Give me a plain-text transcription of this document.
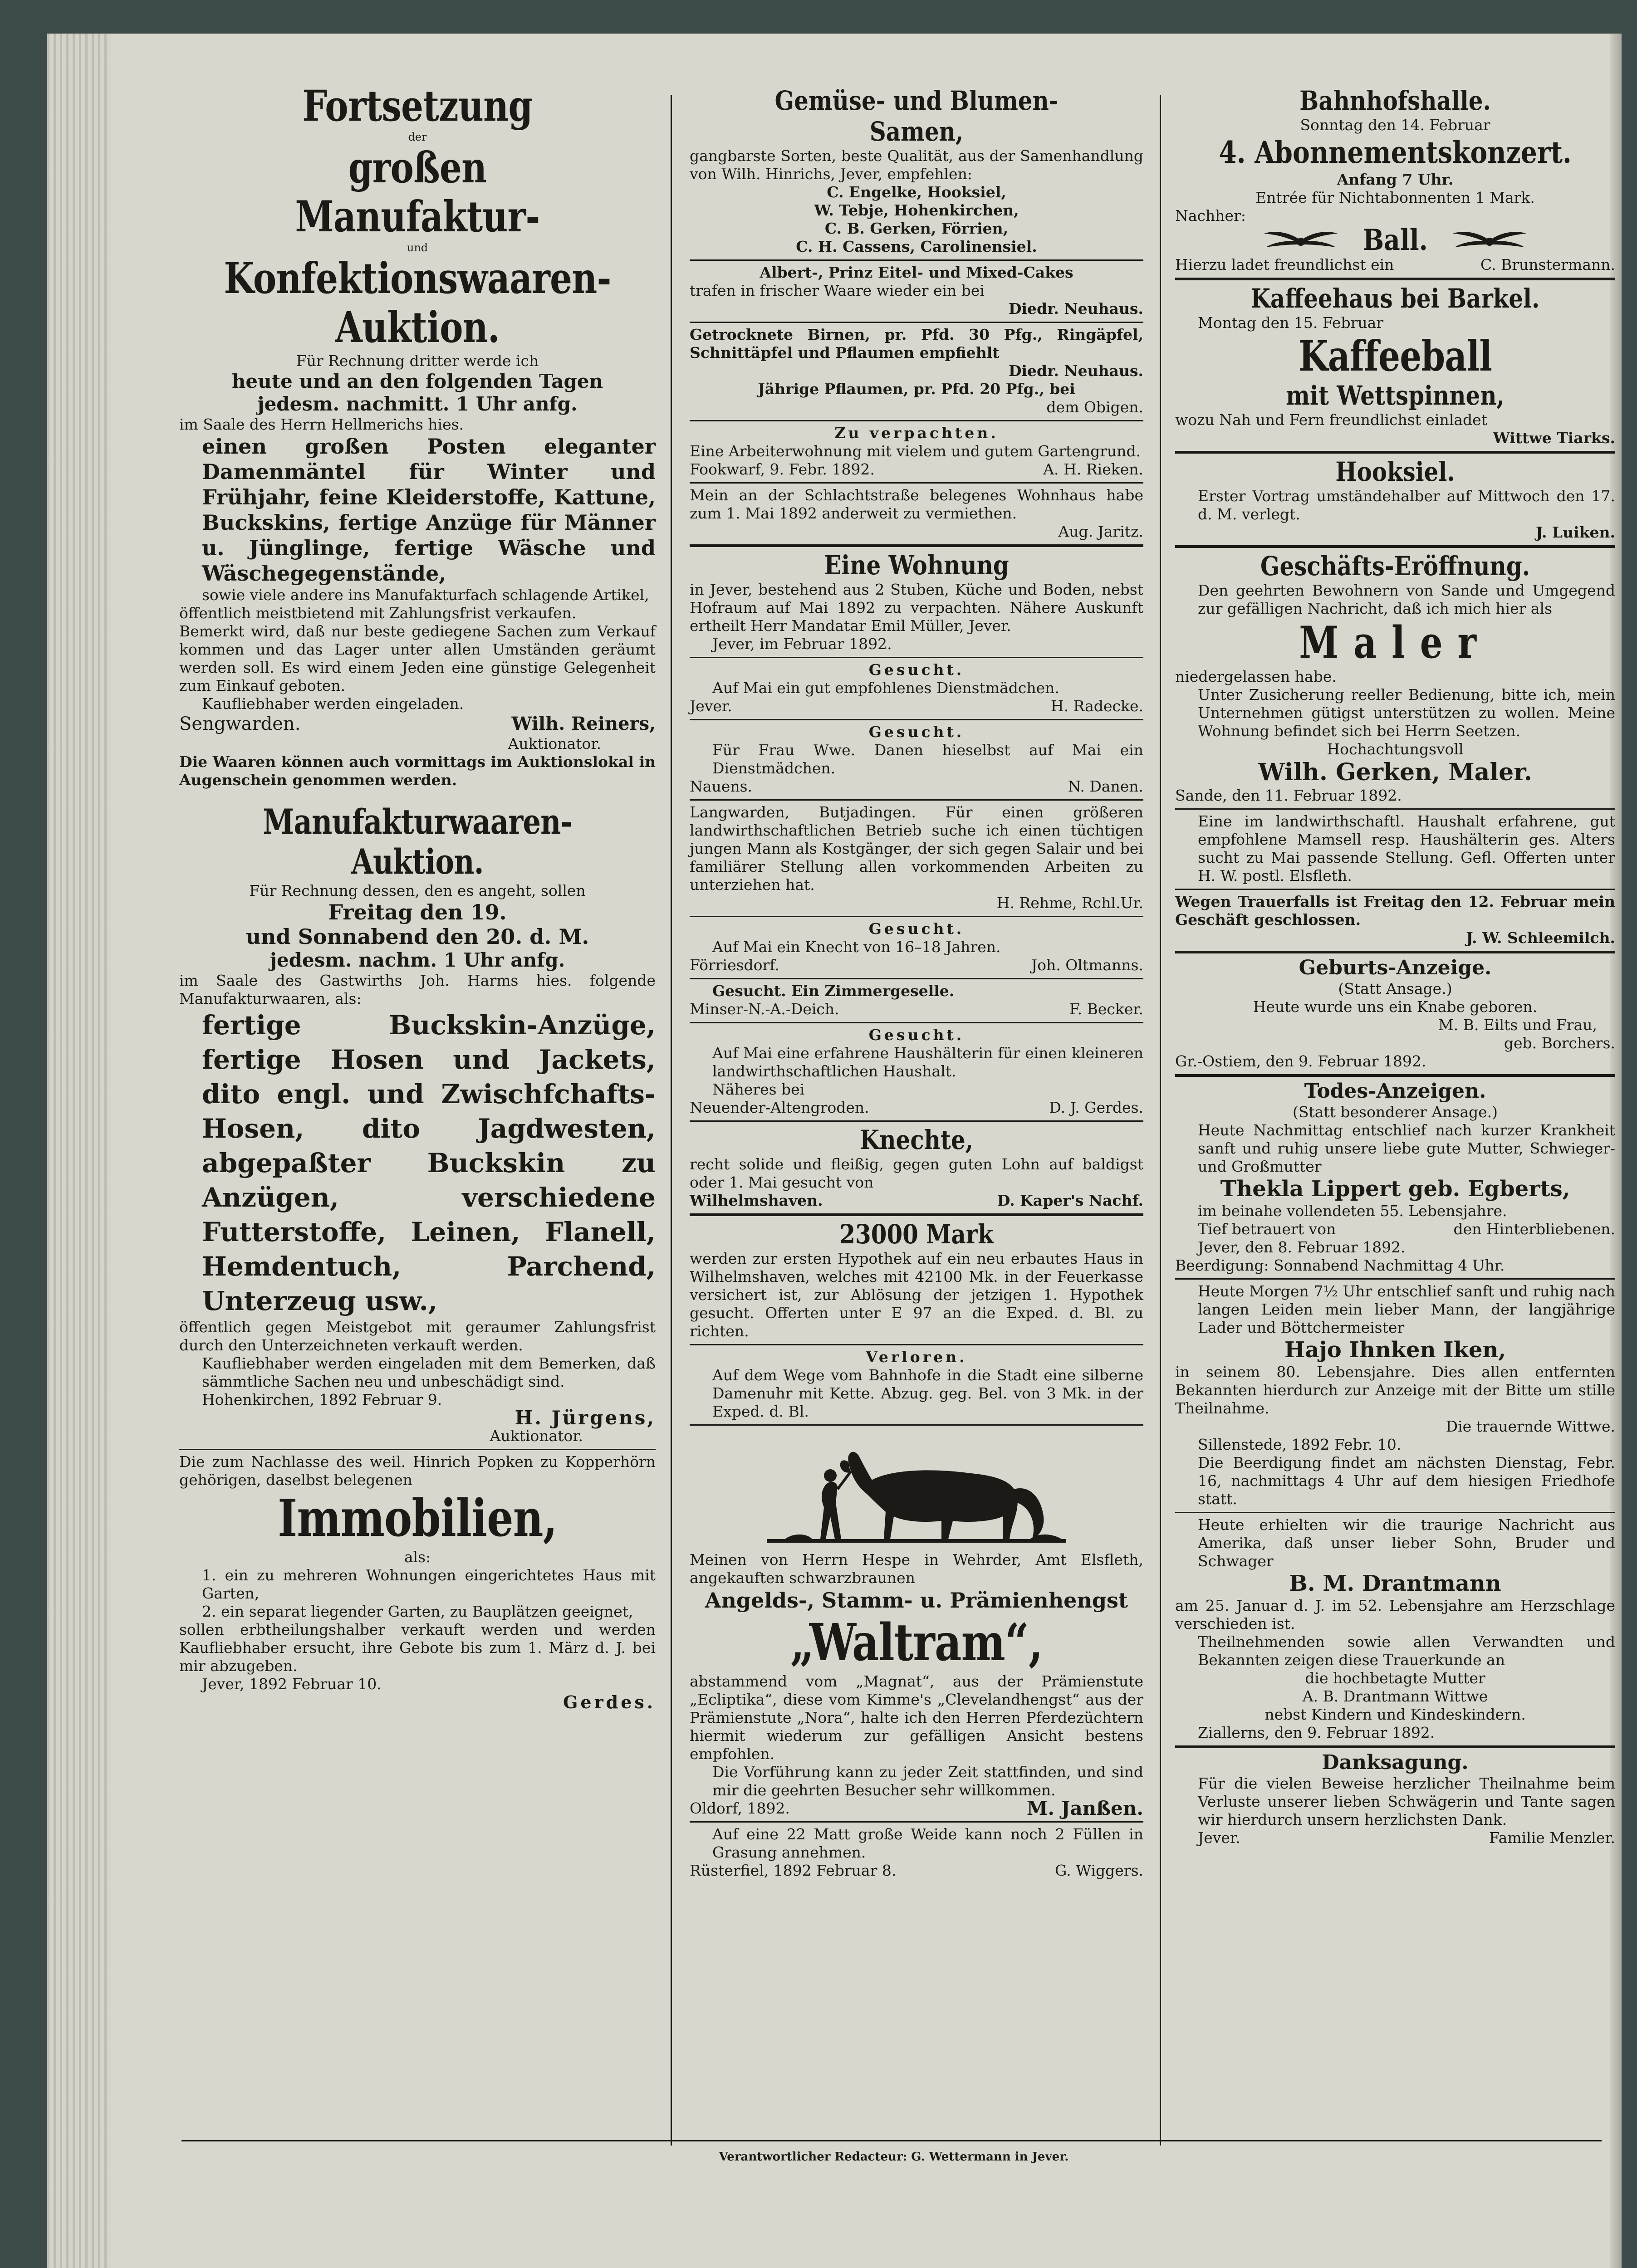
Fortsetzung
der
großen Manufaktur-
und
Konfektionswaaren-
Auktion.

Für Rechnung dritter werde ich

heute und an den folgenden Tagen

jedesm. nachmitt. 1 Uhr anfg.

im Saale des Herrn Hellmerichs hies.

einen großen Posten eleganter Damenmäntel für Winter und Frühjahr, feine Kleiderstoffe, Kattune, Buckskins, fertige Anzüge für Männer u. Jünglinge, fertige Wäsche und Wäschegegenstände,

sowie viele andere ins Manufakturfach schlagende Artikel,

öffentlich meistbietend mit Zahlungsfrist verkaufen.

Bemerkt wird, daß nur beste gediegene Sachen zum Verkauf kommen und das Lager unter allen Umständen geräumt werden soll. Es wird einem Jeden eine günstige Gelegenheit zum Einkauf geboten.

Kaufliebhaber werden eingeladen.

Sengwarden.	Wilh. Reiners,

Auktionator.

Die Waaren können auch vormittags im Auktionslokal in Augenschein genommen werden.

Manufakturwaaren-
Auktion.

Für Rechnung dessen, den es angeht, sollen

Freitag den 19.

und Sonnabend den 20. d. M.

jedesm. nachm. 1 Uhr anfg.

im Saale des Gastwirths Joh. Harms hies. folgende Manufakturwaaren, als:

fertige Buckskin-Anzüge, fertige Hosen und Jackets, dito engl. und Zwischfchafts-Hosen, dito Jagdwesten, abgepaßter Buckskin zu Anzügen, verschiedene Futterstoffe, Leinen, Flanell, Hemdentuch, Parchend, Unterzeug usw.,

öffentlich gegen Meistgebot mit geraumer Zahlungsfrist durch den Unterzeichneten verkauft werden.

Kaufliebhaber werden eingeladen mit dem Bemerken, daß sämmtliche Sachen neu und unbeschädigt sind.

Hohenkirchen, 1892 Februar 9.

H. Jürgens,

Auktionator.

Die zum Nachlasse des weil. Hinrich Popken zu Kopperhörn gehörigen, daselbst belegenen

Immobilien,

als:

1. ein zu mehreren Wohnungen eingerichtetes Haus mit Garten,

2. ein separat liegender Garten, zu Bauplätzen geeignet,

sollen erbtheilungshalber verkauft werden und werden Kaufliebhaber ersucht, ihre Gebote bis zum 1. März d. J. bei mir abzugeben.

Jever, 1892 Februar 10.

Gerdes.

Gemüse- und Blumen-
Samen,

gangbarste Sorten, beste Qualität, aus der Samenhandlung von Wilh. Hinrichs, Jever, empfehlen:

C. Engelke, Hooksiel,

W. Tebje, Hohenkirchen,

C. B. Gerken, Förrien,

C. H. Cassens, Carolinensiel.

Albert-, Prinz Eitel- und Mixed-Cakes

trafen in frischer Waare wieder ein bei

Diedr. Neuhaus.

Getrocknete Birnen, pr. Pfd. 30 Pfg., Ringäpfel, Schnittäpfel und Pflaumen empfiehlt

Diedr. Neuhaus.

Jährige Pflaumen, pr. Pfd. 20 Pfg., bei

dem Obigen.

Zu verpachten.

Eine Arbeiterwohnung mit vielem und gutem Gartengrund.

Fookwarf, 9. Febr. 1892.	A. H. Rieken.

Mein an der Schlachtstraße belegenes Wohnhaus habe zum 1. Mai 1892 anderweit zu vermiethen.

Aug. Jaritz.

Eine Wohnung

in Jever, bestehend aus 2 Stuben, Küche und Boden, nebst Hofraum auf Mai 1892 zu verpachten. Nähere Auskunft ertheilt Herr Mandatar Emil Müller, Jever.

Jever, im Februar 1892.

Gesucht.

Auf Mai ein gut empfohlenes Dienstmädchen.

Jever.	H. Radecke.

Gesucht.

Für Frau Wwe. Danen hieselbst auf Mai ein Dienstmädchen.

Nauens.	N. Danen.

Langwarden, Butjadingen. Für einen größeren landwirthschaftlichen Betrieb suche ich einen tüchtigen jungen Mann als Kostgänger, der sich gegen Salair und bei familiärer Stellung allen vorkommenden Arbeiten zu unterziehen hat.

H. Rehme, Rchl.Ur.

Gesucht.

Auf Mai ein Knecht von 16–18 Jahren.

Förriesdorf.	Joh. Oltmanns.

Gesucht. Ein Zimmergeselle.

Minser-N.-A.-Deich.	F. Becker.

Gesucht.

Auf Mai eine erfahrene Haushälterin für einen kleineren landwirthschaftlichen Haushalt.

Näheres bei

Neuender-Altengroden.	D. J. Gerdes.
Knechte,

recht solide und fleißig, gegen guten Lohn auf baldigst oder 1. Mai gesucht von

Wilhelmshaven.	D. Kaper's Nachf.
23000 Mark

werden zur ersten Hypothek auf ein neu erbautes Haus in Wilhelmshaven, welches mit 42100 Mk. in der Feuerkasse versichert ist, zur Ablösung der jetzigen 1. Hypothek gesucht. Offerten unter E 97 an die Exped. d. Bl. zu richten.

Verloren.

Auf dem Wege vom Bahnhofe in die Stadt eine silberne Damenuhr mit Kette. Abzug. geg. Bel. von 3 Mk. in der Exped. d. Bl.

Meinen von Herrn Hespe in Wehrder, Amt Elsfleth, angekauften schwarzbraunen

Angelds-, Stamm- u. Prämienhengst

„Waltram“,

abstammend vom „Magnat“, aus der Prämienstute „Ecliptika“, diese vom Kimme's „Clevelandhengst“ aus der Prämienstute „Nora“, halte ich den Herren Pferdezüchtern hiermit wiederum zur gefälligen Ansicht bestens empfohlen.

Die Vorführung kann zu jeder Zeit stattfinden, und sind mir die geehrten Besucher sehr willkommen.

Oldorf, 1892.	M. Janßen.

Auf eine 22 Matt große Weide kann noch 2 Füllen in Grasung annehmen.

Rüsterfiel, 1892 Februar 8.	G. Wiggers.
Bahnhofshalle.

Sonntag den 14. Februar

4. Abonnementskonzert.

Anfang 7 Uhr.

Entrée für Nichtabonnenten 1 Mark.

Nachher:

Ball.
Hierzu ladet freundlichst ein	C. Brunstermann.
Kaffeehaus bei Barkel.

Montag den 15. Februar

Kaffeeball
mit Wettspinnen,

wozu Nah und Fern freundlichst einladet

Wittwe Tiarks.

Hooksiel.

Erster Vortrag umständehalber auf Mittwoch den 17. d. M. verlegt.

J. Luiken.

Geschäfts-Eröffnung.

Den geehrten Bewohnern von Sande und Umgegend zur gefälligen Nachricht, daß ich mich hier als

Maler

niedergelassen habe.

Unter Zusicherung reeller Bedienung, bitte ich, mein Unternehmen gütigst unterstützen zu wollen. Meine Wohnung befindet sich bei Herrn Seetzen.

Hochachtungsvoll

Wilh. Gerken, Maler.

Sande, den 11. Februar 1892.

Eine im landwirthschaftl. Haushalt erfahrene, gut empfohlene Mamsell resp. Haushälterin ges. Alters sucht zu Mai passende Stellung. Gefl. Offerten unter H. W. postl. Elsfleth.

Wegen Trauerfalls ist Freitag den 12. Februar mein Geschäft geschlossen.

J. W. Schleemilch.

Geburts-Anzeige.

(Statt Ansage.)

Heute wurde uns ein Knabe geboren.

M. B. Eilts und Frau,

geb. Borchers.

Gr.-Ostiem, den 9. Februar 1892.

Todes-Anzeigen.

(Statt besonderer Ansage.)

Heute Nachmittag entschlief nach kurzer Krankheit sanft und ruhig unsere liebe gute Mutter, Schwieger- und Großmutter

Thekla Lippert geb. Egberts,

im beinahe vollendeten 55. Lebensjahre.

Tief betrauert von	den Hinterbliebenen.

Jever, den 8. Februar 1892.

Beerdigung: Sonnabend Nachmittag 4 Uhr.

Heute Morgen 7½ Uhr entschlief sanft und ruhig nach langen Leiden mein lieber Mann, der langjährige Lader und Böttchermeister

Hajo Ihnken Iken,

in seinem 80. Lebensjahre. Dies allen entfernten Bekannten hierdurch zur Anzeige mit der Bitte um stille Theilnahme.

Die trauernde Wittwe.

Sillenstede, 1892 Febr. 10.

Die Beerdigung findet am nächsten Dienstag, Febr. 16, nachmittags 4 Uhr auf dem hiesigen Friedhofe statt.

Heute erhielten wir die traurige Nachricht aus Amerika, daß unser lieber Sohn, Bruder und Schwager

B. M. Drantmann

am 25. Januar d. J. im 52. Lebensjahre am Herzschlage verschieden ist.

Theilnehmenden sowie allen Verwandten und Bekannten zeigen diese Trauerkunde an

die hochbetagte Mutter

A. B. Drantmann Wittwe

nebst Kindern und Kindeskindern.

Ziallerns, den 9. Februar 1892.

Danksagung.

Für die vielen Beweise herzlicher Theilnahme beim Verluste unserer lieben Schwägerin und Tante sagen wir hierdurch unsern herzlichsten Dank.

Jever.	Familie Menzler.
Verantwortlicher Redacteur: G. Wettermann in Jever.
